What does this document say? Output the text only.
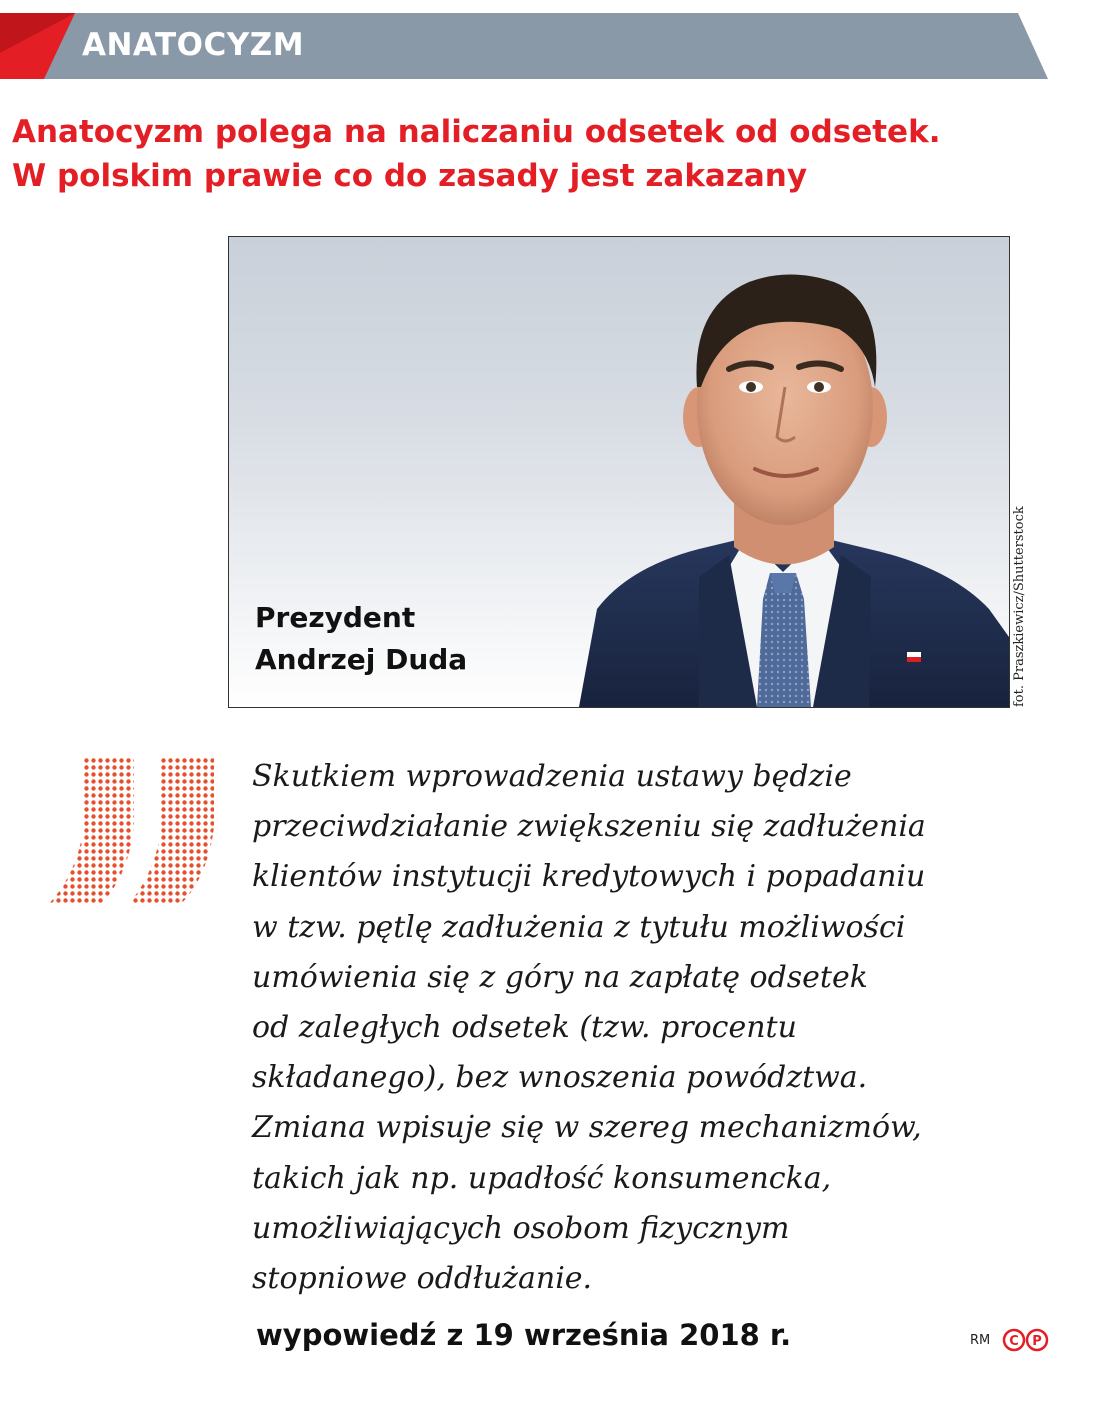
ANATOCYZM
Anatocyzm polega na naliczaniu odsetek od odsetek.
W polskim prawie co do zasady jest zakazany
Prezydent
Andrzej Duda	fot. Praszkiewicz/Shutterstock
Skutkiem wprowadzenia ustawy będzie
przeciwdziałanie zwiększeniu się zadłużenia
klientów instytucji kredytowych i popadaniu
w tzw. pętlę zadłużenia z tytułu możliwości
umówienia się z góry na zapłatę odsetek
od zaległych odsetek (tzw. procentu
składanego), bez wnoszenia powództwa.
Zmiana wpisuje się w szereg mechanizmów,
takich jak np. upadłość konsumencka,
umożliwiających osobom fizycznym
stopniowe oddłużanie.
wypowiedź z 19 września 2018 r.	RM C P
